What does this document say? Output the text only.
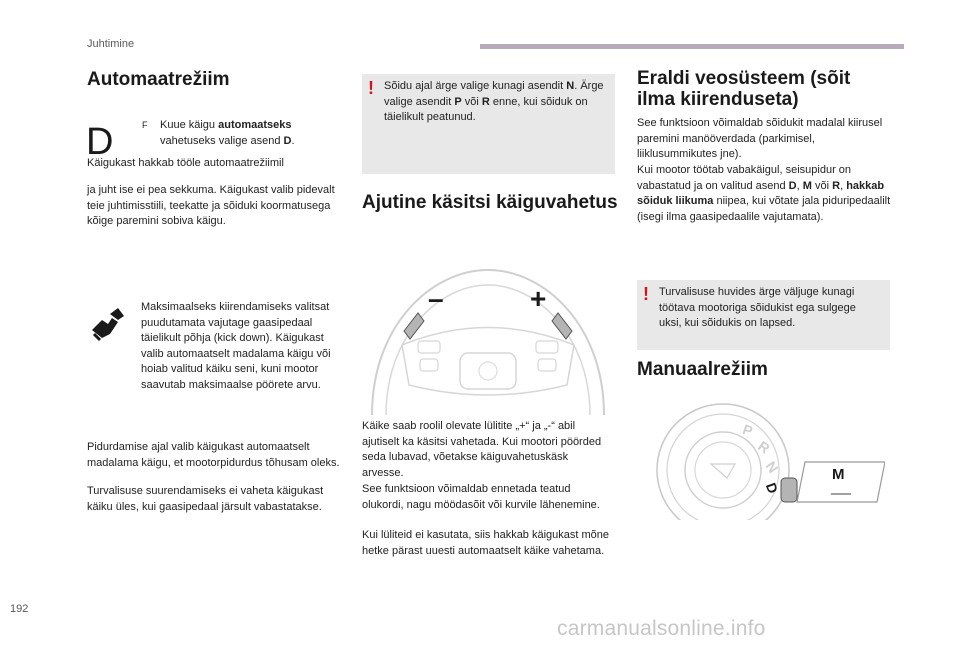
Juhtimine
Automaatrežiim
D	F	Kuue käigu automaatseks
vahetuseks valige asend D.
Käigukast hakkab tööle automaatrežiimil
ja juht ise ei pea sekkuma. Käigukast valib pidevalt teie juhtimisstiili, teekatte ja sõiduki koormatusega kõige paremini sobiva käigu.
Maksimaalseks kiirendamiseks valitsat puudutamata vajutage gaasipedaal täielikult põhja (kick down). Käigukast valib automaatselt madalama käigu või hoiab valitud käiku seni, kuni mootor saavutab maksimaalse pöörete arvu.
Pidurdamise ajal valib käigukast automaatselt madalama käigu, et mootorpidurdus tõhusam oleks.
Turvalisuse suurendamiseks ei vaheta käigukast käiku üles, kui gaasipedaal järsult vabastatakse.
! Sõidu ajal ärge valige kunagi asendit N. Ärge valige asendit P või R enne, kui sõiduk on täielikult peatunud.
Ajutine käsitsi käiguvahetus
–	+
Käike saab roolil olevate lülitite „+“ ja „-“ abil ajutiselt ka käsitsi vahetada. Kui mootori pöörded seda lubavad, võetakse käiguvahetuskäsk arvesse.
See funktsioon võimaldab ennetada teatud olukordi, nagu möödasõit või kurvile lähenemine.
Kui lüliteid ei kasutata, siis hakkab käigukast mõne hetke pärast uuesti automaatselt käike vahetama.
Eraldi veosüsteem (sõit ilma kiirenduseta)
See funktsioon võimaldab sõidukit madalal kiirusel paremini manööverdada (parkimisel, liiklusummikutes jne).
Kui mootor töötab vabakäigul, seisupidur on vabastatud ja on valitud asend D, M või R, hakkab sõiduk liikuma niipea, kui võtate jala piduripedaalilt (isegi ilma gaasipedaalile vajutamata).
! Turvalisuse huvides ärge väljuge kunagi töötava mootoriga sõidukist ega sulgege uksi, kui sõidukis on lapsed.
Manuaalrežiim
P
R
N
D
M
192
carmanualsonline.info
